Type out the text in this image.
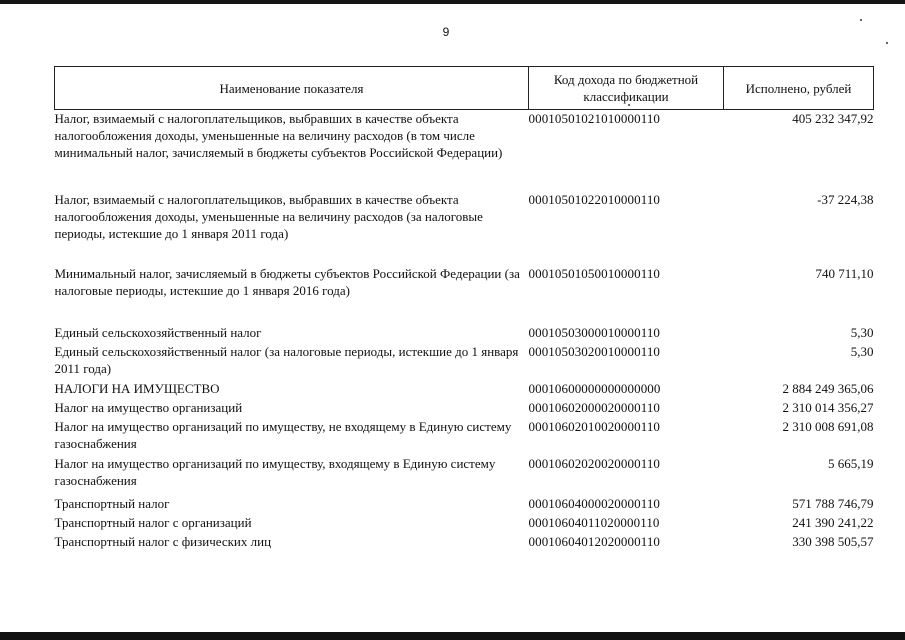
9
Наименование показателя	Код дохода по бюджетной классификации	Исполнено, рублей
Налог, взимаемый с налогоплательщиков, выбравших в качестве объекта налогообложения доходы, уменьшенные на величину расходов (в том числе минимальный налог, зачисляемый в бюджеты субъектов Российской Федерации)	00010501021010000110	405 232 347,92
Налог, взимаемый с налогоплательщиков, выбравших в качестве объекта налогообложения доходы, уменьшенные на величину расходов (за налоговые периоды, истекшие до 1 января 2011 года)	00010501022010000110	-37 224,38
Минимальный налог, зачисляемый в бюджеты субъектов Российской Федерации (за налоговые периоды, истекшие до 1 января 2016 года)	00010501050010000110	740 711,10
Единый сельскохозяйственный налог	00010503000010000110	5,30
Единый сельскохозяйственный налог (за налоговые периоды, истекшие до 1 января 2011 года)	00010503020010000110	5,30
НАЛОГИ НА ИМУЩЕСТВО	00010600000000000000	2 884 249 365,06
Налог на имущество организаций	00010602000020000110	2 310 014 356,27
Налог на имущество организаций по имуществу, не входящему в Единую систему газоснабжения	00010602010020000110	2 310 008 691,08
Налог на имущество организаций по имуществу, входящему в Единую систему газоснабжения	00010602020020000110	5 665,19
Транспортный налог	00010604000020000110	571 788 746,79
Транспортный налог с организаций	00010604011020000110	241 390 241,22
Транспортный налог с физических лиц	00010604012020000110	330 398 505,57
